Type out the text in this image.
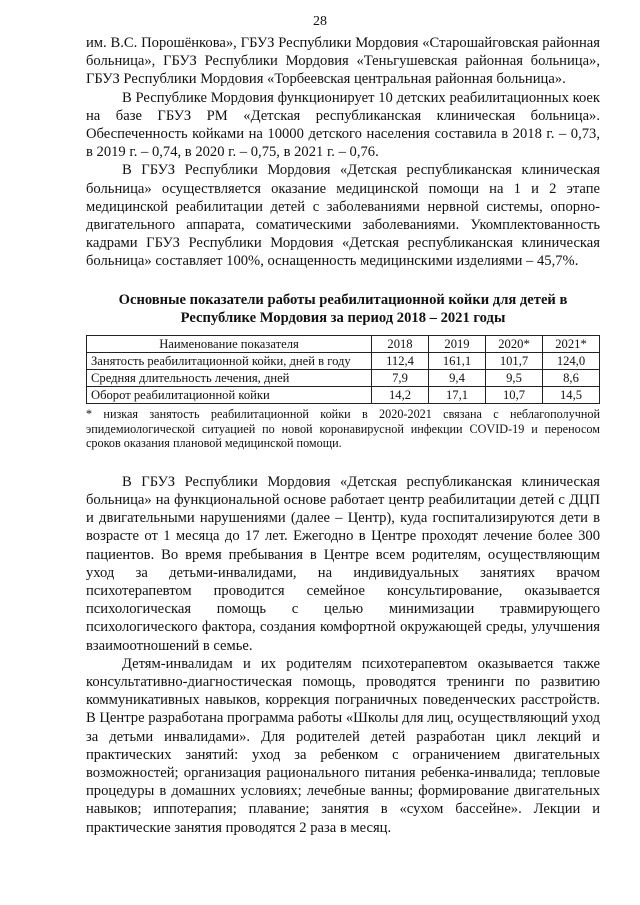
28

им. В.С. Порошёнкова», ГБУЗ Республики Мордовия «Старошайговская районная больница», ГБУЗ Республики Мордовия «Теньгушевская районная больница», ГБУЗ Республики Мордовия «Торбеевская центральная районная больница».

В Республике Мордовия функционирует 10 детских реабилитационных коек на базе ГБУЗ РМ «Детская республиканская клиническая больница». Обеспеченность койками на 10000 детского населения составила в 2018 г. – 0,73, в 2019 г. – 0,74, в 2020 г. – 0,75, в 2021 г. – 0,76.

В ГБУЗ Республики Мордовия «Детская республиканская клиническая больница» осуществляется оказание медицинской помощи на 1 и 2 этапе медицинской реабилитации детей с заболеваниями нервной системы, опорно-двигательного аппарата, соматическими заболеваниями. Укомплектованность кадрами ГБУЗ Республики Мордовия «Детская республиканская клиническая больница» составляет 100%, оснащенность медицинскими изделиями – 45,7%.

Основные показатели работы реабилитационной койки для детей в Республике Мордовия за период 2018 – 2021 годы
Наименование показателя	2018	2019	2020*	2021*
Занятость реабилитационной койки, дней в году	112,4	161,1	101,7	124,0
Средняя длительность лечения, дней	7,9	9,4	9,5	8,6
Оборот реабилитационной койки	14,2	17,1	10,7	14,5
* низкая занятость реабилитационной койки в 2020-2021 связана с неблагополучной эпидемиологической ситуацией по новой коронавирусной инфекции COVID-19 и переносом сроков оказания плановой медицинской помощи.

В ГБУЗ Республики Мордовия «Детская республиканская клиническая больница» на функциональной основе работает центр реабилитации детей с ДЦП и двигательными нарушениями (далее – Центр), куда госпитализируются дети в возрасте от 1 месяца до 17 лет. Ежегодно в Центре проходят лечение более 300 пациентов. Во время пребывания в Центре всем родителям, осуществляющим уход за детьми-инвалидами, на индивидуальных занятиях врачом психотерапевтом проводится семейное консультирование, оказывается психологическая помощь с целью минимизации травмирующего психологического фактора, создания комфортной окружающей среды, улучшения взаимоотношений в семье.

Детям-инвалидам и их родителям психотерапевтом оказывается также консультативно-диагностическая помощь, проводятся тренинги по развитию коммуникативных навыков, коррекция пограничных поведенческих расстройств. В Центре разработана программа работы «Школы для лиц, осуществляющий уход за детьми инвалидами». Для родителей детей разработан цикл лекций и практических занятий: уход за ребенком с ограничением двигательных возможностей; организация рационального питания ребенка-инвалида; тепловые процедуры в домашних условиях; лечебные ванны; формирование двигательных навыков; иппотерапия; плавание; занятия в «сухом бассейне». Лекции и практические занятия проводятся 2 раза в месяц.
